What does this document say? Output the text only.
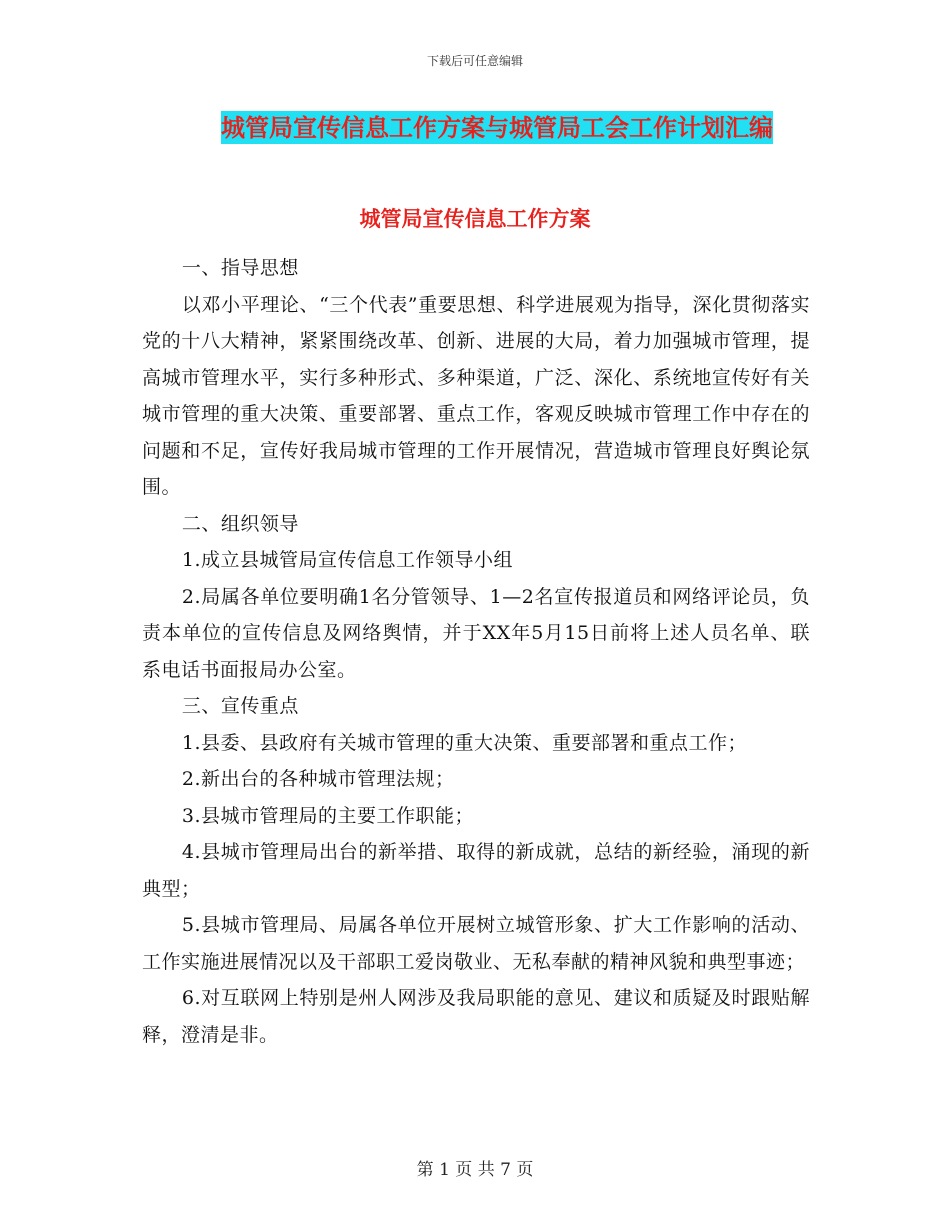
下载后可任意编辑
城管局宣传信息工作方案与城管局工会工作计划汇编
城管局宣传信息工作方案

一、指导思想

以邓小平理论、“三个代表”重要思想、科学进展观为指导，深化贯彻落实党的十八大精神，紧紧围绕改革、创新、进展的大局，着力加强城市管理，提高城市管理水平，实行多种形式、多种渠道，广泛、深化、系统地宣传好有关城市管理的重大决策、重要部署、重点工作，客观反映城市管理工作中存在的问题和不足，宣传好我局城市管理的工作开展情况，营造城市管理良好舆论氛围。

二、组织领导

1.成立县城管局宣传信息工作领导小组

2.局属各单位要明确1名分管领导、1—2名宣传报道员和网络评论员，负责本单位的宣传信息及网络舆情，并于XX年5月15日前将上述人员名单、联系电话书面报局办公室。

三、宣传重点

1.县委、县政府有关城市管理的重大决策、重要部署和重点工作；

2.新出台的各种城市管理法规；

3.县城市管理局的主要工作职能；

4.县城市管理局出台的新举措、取得的新成就，总结的新经验，涌现的新典型；

5.县城市管理局、局属各单位开展树立城管形象、扩大工作影响的活动、工作实施进展情况以及干部职工爱岗敬业、无私奉献的精神风貌和典型事迹；

6.对互联网上特别是州人网涉及我局职能的意见、建议和质疑及时跟贴解释，澄清是非。

第 1 页 共 7 页
